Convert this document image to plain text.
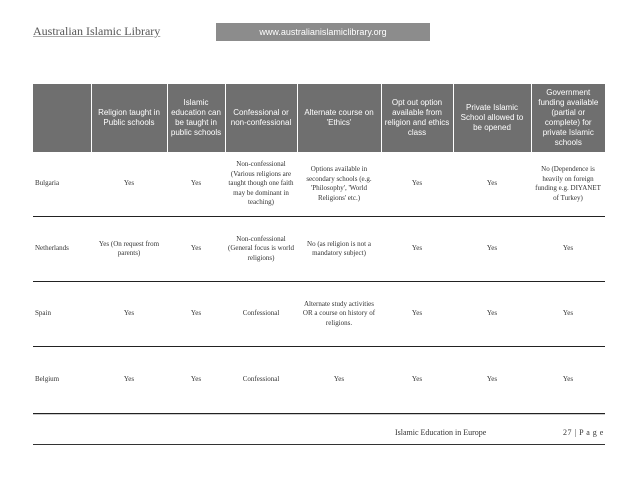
Australian Islamic Library	www.australianislamiclibrary.org
	Religion taught in Public schools	Islamic education can be taught in public schools	Confessional or non-confessional	Alternate course on 'Ethics'	Opt out option available from religion and ethics class	Private Islamic School allowed to be opened	Government funding available (partial or complete) for private Islamic schools
Bulgaria	Yes	Yes	Non-confessional (Various religions are taught though one faith may be dominant in teaching)	Options available in secondary schools (e.g. 'Philosophy', 'World Religions' etc.)	Yes	Yes	No (Dependence is heavily on foreign funding e.g. DIYANET of Turkey)
Netherlands	Yes (On request from parents)	Yes	Non-confessional (General focus is world religions)	No (as religion is not a mandatory subject)	Yes	Yes	Yes
Spain	Yes	Yes	Confessional	Alternate study activities OR a course on history of religions.	Yes	Yes	Yes
Belgium	Yes	Yes	Confessional	Yes	Yes	Yes	Yes
Islamic Education in Europe	27 | P a g e
